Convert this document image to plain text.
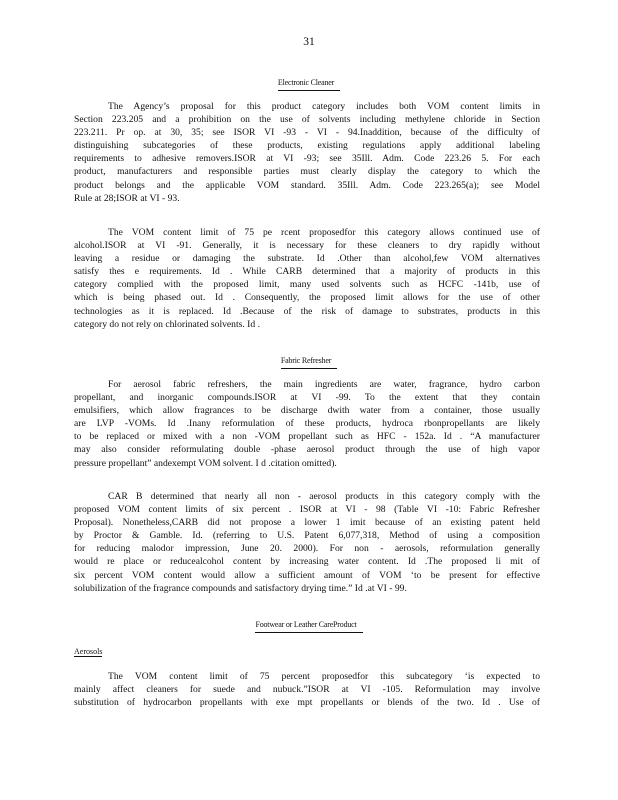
31
Electronic Cleaner
The Agency’s proposal for this product category includes both VOM content limits in
Section 223.205 and a prohibition on the use of solvents including methylene chloride in Section
223.211. Pr op. at 30, 35; see ISOR VI -93 - VI - 94.Inaddition, because of the difficulty of
distinguishing subcategories of these products, existing regulations apply additional labeling
requirements to adhesive removers.ISOR at VI -93; see 35Ill. Adm. Code 223.26 5. For each
product, manufacturers and responsible parties must clearly display the category to which the
product belongs and the applicable VOM standard. 35Ill. Adm. Code 223.265(a); see Model
Rule at 28;ISOR at VI - 93.
The VOM content limit of 75 pe rcent proposedfor this category allows continued use of
alcohol.ISOR at VI -91. Generally, it is necessary for these cleaners to dry rapidly without
leaving a residue or damaging the substrate. Id .Other than alcohol,few VOM alternatives
satisfy thes e requirements. Id . While CARB determined that a majority of products in this
category complied with the proposed limit, many used solvents such as HCFC -141b, use of
which is being phased out. Id . Consequently, the proposed limit allows for the use of other
technologies as it is replaced. Id .Because of the risk of damage to substrates, products in this
category do not rely on chlorinated solvents. Id .
Fabric Refresher
For aerosol fabric refreshers, the main ingredients are water, fragrance, hydro carbon
propellant, and inorganic compounds.ISOR at VI -99. To the extent that they contain
emulsifiers, which allow fragrances to be discharge dwith water from a container, those usually
are LVP -VOMs. Id .Inany reformulation of these products, hydroca rbonpropellants are likely
to be replaced or mixed with a non -VOM propellant such as HFC - 152a. Id . “A manufacturer
may also consider reformulating double -phase aerosol product through the use of high vapor
pressure propellant” andexempt VOM solvent. I d .citation omitted).
CAR B determined that nearly all non - aerosol products in this category comply with the
proposed VOM content limits of six percent . ISOR at VI - 98 (Table VI -10: Fabric Refresher
Proposal). Nonetheless,CARB did not propose a lower 1 imit because of an existing patent held
by Proctor & Gamble. Id. (referring to U.S. Patent 6,077,318, Method of using a composition
for reducing malodor impression, June 20. 2000). For non - aerosols, reformulation generally
would re place or reducealcohol content by increasing water content. Id .The proposed li mit of
six percent VOM content would allow a sufficient amount of VOM ‘to be present for effective
solubilization of the fragrance compounds and satisfactory drying time.” Id .at VI - 99.
Footwear or Leather CareProduct
Aerosols
The VOM content limit of 75 percent proposedfor this subcategory ‘is expected to
mainly affect cleaners for suede and nubuck.”ISOR at VI -105. Reformulation may involve
substitution of hydrocarbon propellants with exe mpt propellants or blends of the two. Id . Use of
